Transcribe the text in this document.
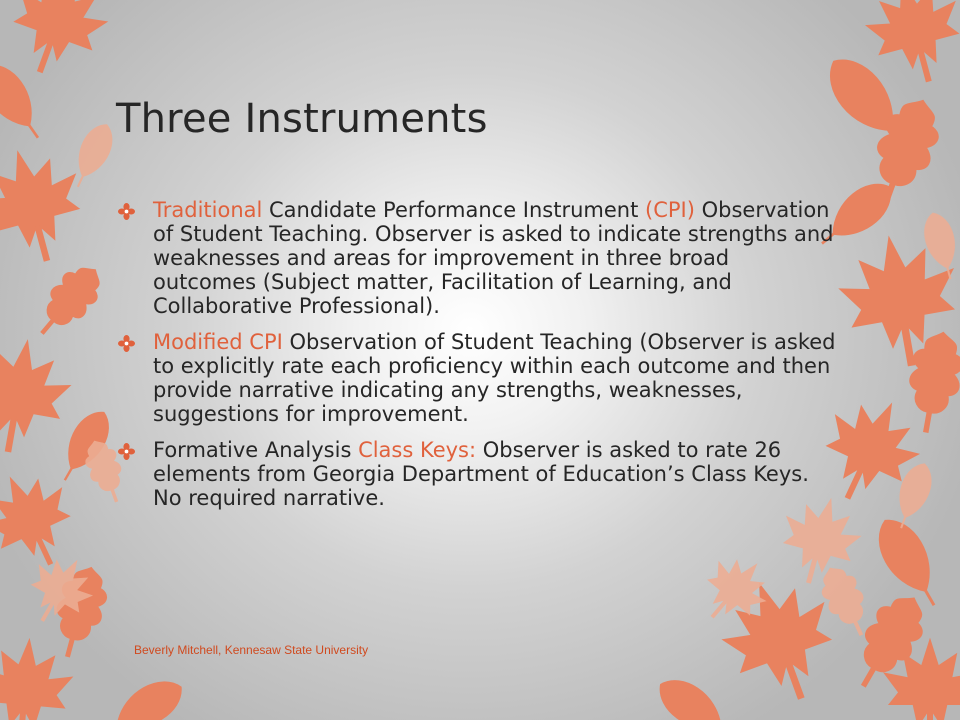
Three Instruments
Traditional Candidate Performance Instrument (CPI) Observation of Student Teaching. Observer is asked to indicate strengths and weaknesses and areas for improvement in three broad outcomes (Subject matter, Facilitation of Learning, and Collaborative Professional).
Modified CPI Observation of Student Teaching (Observer is asked to explicitly rate each proficiency within each outcome and then provide narrative indicating any strengths, weaknesses, suggestions for improvement.
Formative Analysis Class Keys: Observer is asked to rate 26 elements from Georgia Department of Education’s Class Keys. No required narrative.
Beverly Mitchell, Kennesaw State University
